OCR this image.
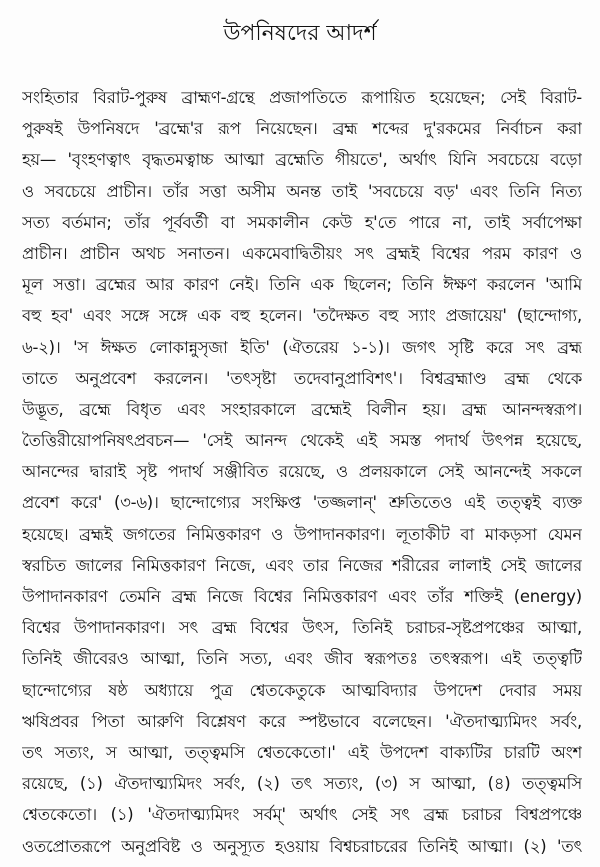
উপনিষদের আদর্শ
সংহিতার বিরাট-পুরুষ ব্রাহ্মণ-গ্রন্থে প্রজাপতিতে রূপায়িত হয়েছেন; সেই বিরাট-
পুরুষই উপনিষদে 'ব্রহ্মে'র রূপ নিয়েছেন। ব্রহ্ম শব্দের দু'রকমের নির্বাচন করা
হয়— 'বৃংহণত্বাৎ বৃদ্ধতমত্বাচ্চ আত্মা ব্রহ্মেতি গীয়তে', অর্থাৎ যিনি সবচেয়ে বড়ো
ও সবচেয়ে প্রাচীন। তাঁর সত্তা অসীম অনন্ত তাই 'সবচেয়ে বড়' এবং তিনি নিত্য
সত্য বর্তমান; তাঁর পূর্ববর্তী বা সমকালীন কেউ হ'তে পারে না, তাই সর্বাপেক্ষা
প্রাচীন। প্রাচীন অথচ সনাতন। একমেবাদ্বিতীয়ং সৎ ব্রহ্মই বিশ্বের পরম কারণ ও
মূল সত্তা। ব্রহ্মের আর কারণ নেই। তিনি এক ছিলেন; তিনি ঈক্ষণ করলেন 'আমি
বহু হব' এবং সঙ্গে সঙ্গে এক বহু হলেন। 'তদৈক্ষত বহু স্যাং প্রজায়েয়' (ছান্দোগ্য,
৬-২)। 'স ঈক্ষত লোকান্নুসৃজা ইতি' (ঐতরেয় ১-১)। জগৎ সৃষ্টি করে সৎ ব্রহ্ম
তাতে অনুপ্রবেশ করলেন। 'তৎসৃষ্টা তদেবানুপ্রাবিশৎ'। বিশ্বব্রহ্মাণ্ড ব্রহ্ম থেকে
উদ্ভূত, ব্রহ্মে বিধৃত এবং সংহারকালে ব্রহ্মেই বিলীন হয়। ব্রহ্ম আনন্দস্বরূপ।
তৈত্তিরীয়োপনিষৎপ্রবচন— 'সেই আনন্দ থেকেই এই সমস্ত পদার্থ উৎপন্ন হয়েছে,
আনন্দের দ্বারাই সৃষ্ট পদার্থ সঞ্জীবিত রয়েছে, ও প্রলয়কালে সেই আনন্দেই সকলে
প্রবেশ করে' (৩-৬)। ছান্দোগ্যের সংক্ষিপ্ত 'তজ্জলান্' শ্রুতিতেও এই তত্ত্বই ব্যক্ত
হয়েছে। ব্রহ্মই জগতের নিমিত্তকারণ ও উপাদানকারণ। লূতাকীট বা মাকড়সা যেমন
স্বরচিত জালের নিমিত্তকারণ নিজে, এবং তার নিজের শরীরের লালাই সেই জালের
উপাদানকারণ তেমনি ব্রহ্ম নিজে বিশ্বের নিমিত্তকারণ এবং তাঁর শক্তিই (energy)
বিশ্বের উপাদানকারণ। সৎ ব্রহ্ম বিশ্বের উৎস, তিনিই চরাচর-সৃষ্টপ্রপঞ্চের আত্মা,
তিনিই জীবেরও আত্মা, তিনি সত্য, এবং জীব স্বরূপতঃ তৎস্বরূপ। এই তত্ত্বটি
ছান্দোগ্যের ষষ্ঠ অধ্যায়ে পুত্র শ্বেতকেতুকে আত্মবিদ্যার উপদেশ দেবার সময়
ঋষিপ্রবর পিতা আরুণি বিশ্লেষণ করে স্পষ্টভাবে বলেছেন। 'ঐতদাত্ম্যমিদং সর্বং,
তৎ সত্যং, স আত্মা, তত্ত্বমসি শ্বেতকেতো।' এই উপদেশ বাক্যটির চারটি অংশ
রয়েছে, (১) ঐতদাত্ম্যমিদং সর্বং, (২) তৎ সত্যং, (৩) স আত্মা, (৪) তত্ত্বমসি
শ্বেতকেতো। (১) 'ঐতদাত্ম্যমিদং সর্বম্' অর্থাৎ সেই সৎ ব্রহ্ম চরাচর বিশ্বপ্রপঞ্চে
ওতপ্রোতরূপে অনুপ্রবিষ্ট ও অনুস্যূত হওয়ায় বিশ্বচরাচরের তিনিই আত্মা। (২) 'তৎ
